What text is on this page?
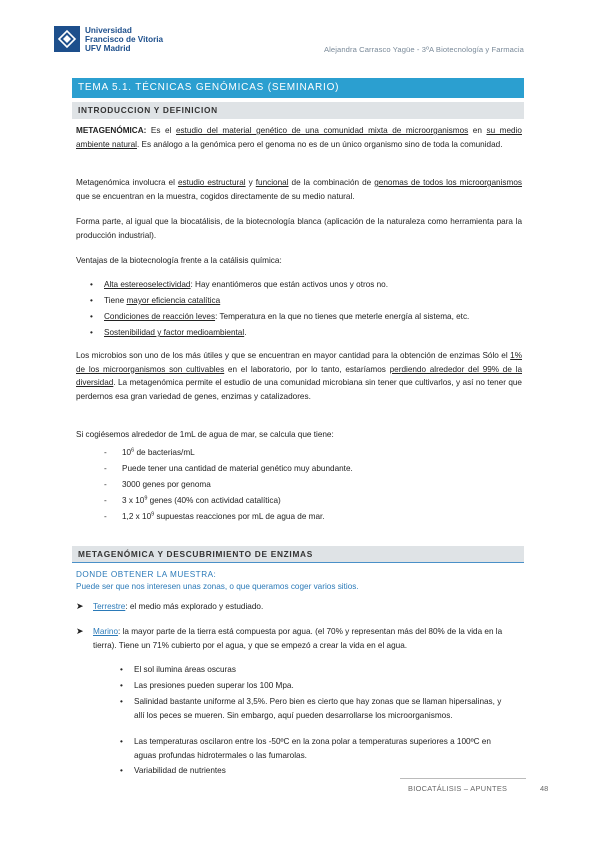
Universidad
Francisco de Vitoria
UFV Madrid	Alejandra Carrasco Yagüe - 3ºA Biotecnología y Farmacia
TEMA 5.1. TÉCNICAS GENÓMICAS (SEMINARIO)
INTRODUCCION Y DEFINICION
METAGENÓMICA: Es el estudio del material genético de una comunidad mixta de microorganismos en su medio ambiente natural. Es análogo a la genómica pero el genoma no es de un único organismo sino de toda la comunidad.
Metagenómica involucra el estudio estructural y funcional de la combinación de genomas de todos los microorganismos que se encuentran en la muestra, cogidos directamente de su medio natural.
Forma parte, al igual que la biocatálisis, de la biotecnología blanca (aplicación de la naturaleza como herramienta para la producción industrial).
Ventajas de la biotecnología frente a la catálisis química:
• Alta estereoselectividad: Hay enantiómeros que están activos unos y otros no.
• Tiene mayor eficiencia catalítica
• Condiciones de reacción leves: Temperatura en la que no tienes que meterle energía al sistema, etc.
• Sostenibilidad y factor medioambiental.
Los microbios son uno de los más útiles y que se encuentran en mayor cantidad para la obtención de enzimas Sólo el 1% de los microorganismos son cultivables en el laboratorio, por lo tanto, estaríamos perdiendo alrededor del 99% de la diversidad. La metagenómica permite el estudio de una comunidad microbiana sin tener que cultivarlos, y así no tener que perdernos esa gran variedad de genes, enzimas y catalizadores.
Si cogiésemos alrededor de 1mL de agua de mar, se calcula que tiene:
- $10^6$ de bacterias/mL
- Puede tener una cantidad de material genético muy abundante.
- 3000 genes por genoma
- 3 x $10^9$ genes (40% con actividad catalítica)
- 1,2 x $10^9$ supuestas reacciones por mL de agua de mar.
METAGENÓMICA Y DESCUBRIMIENTO DE ENZIMAS
DONDE OBTENER LA MUESTRA:
Puede ser que nos interesen unas zonas, o que queramos coger varios sitios.
➤ Terrestre: el medio más explorado y estudiado.
➤ Marino: la mayor parte de la tierra está compuesta por agua. (el 70% y representan más del 80% de la vida en la tierra). Tiene un 71% cubierto por el agua, y que se empezó a crear la vida en el agua.
• El sol ilumina áreas oscuras
• Las presiones pueden superar los 100 Mpa.
• Salinidad bastante uniforme al 3,5%. Pero bien es cierto que hay zonas que se llaman hipersalinas, y allí los peces se mueren. Sin embargo, aquí pueden desarrollarse los microorganismos.
• Las temperaturas oscilaron entre los -50ºC en la zona polar a temperaturas superiores a 100ºC en aguas profundas hidrotermales o las fumarolas.
• Variabilidad de nutrientes
BIOCATÁLISIS – APUNTES	48
